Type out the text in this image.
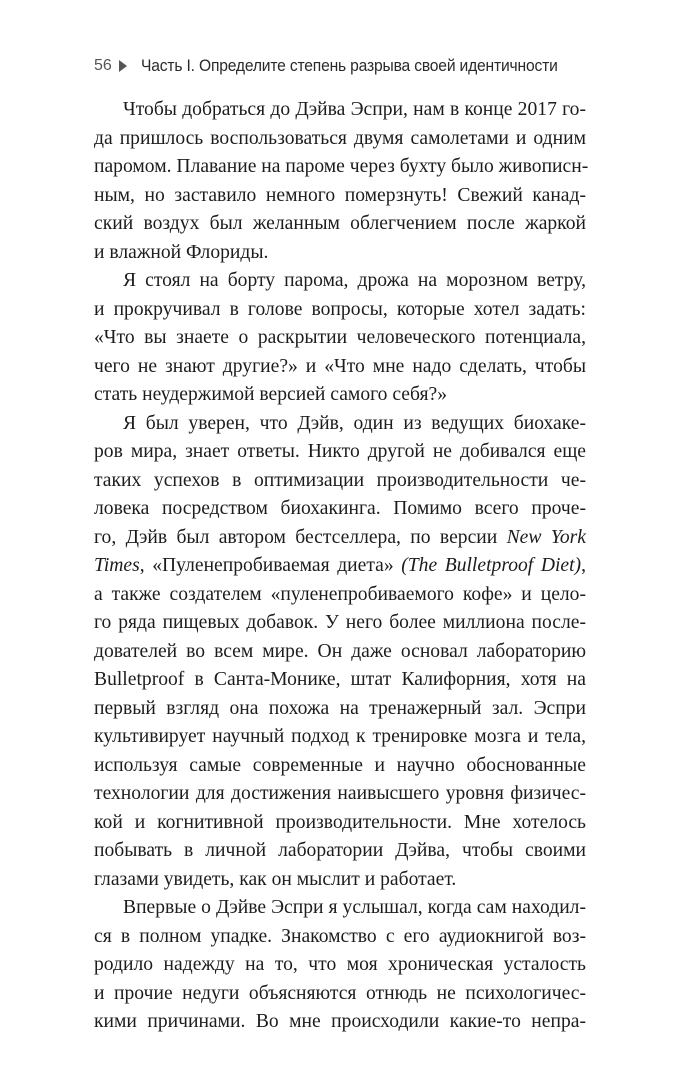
56 Часть I. Определите степень разрыва своей идентичности
Чтобы добраться до Дэйва Эспри, нам в конце 2017 го-
да пришлось воспользоваться двумя самолетами и одним
паромом. Плавание на пароме через бухту было живописн-
ным, но заставило немного померзнуть! Свежий канад-
ский воздух был желанным облегчением после жаркой
и влажной Флориды.
Я стоял на борту парома, дрожа на морозном ветру,
и прокручивал в голове вопросы, которые хотел задать:
«Что вы знаете о раскрытии человеческого потенциала,
чего не знают другие?» и «Что мне надо сделать, чтобы
стать неудержимой версией самого себя?»
Я был уверен, что Дэйв, один из ведущих биохаке-
ров мира, знает ответы. Никто другой не добивался еще
таких успехов в оптимизации производительности че-
ловека посредством биохакинга. Помимо всего проче-
го, Дэйв был автором бестселлера, по версии New York
Times, «Пуленепробиваемая диета» (The Bulletproof Diet),
а также создателем «пуленепробиваемого кофе» и цело-
го ряда пищевых добавок. У него более миллиона после-
дователей во всем мире. Он даже основал лабораторию
Bulletproof в Санта-Монике, штат Калифорния, хотя на
первый взгляд она похожа на тренажерный зал. Эспри
культивирует научный подход к тренировке мозга и тела,
используя самые современные и научно обоснованные
технологии для достижения наивысшего уровня физичес-
кой и когнитивной производительности. Мне хотелось
побывать в личной лаборатории Дэйва, чтобы своими
глазами увидеть, как он мыслит и работает.
Впервые о Дэйве Эспри я услышал, когда сам находил-
ся в полном упадке. Знакомство с его аудиокнигой воз-
родило надежду на то, что моя хроническая усталость
и прочие недуги объясняются отнюдь не психологичес-
кими причинами. Во мне происходили какие-то непра-
